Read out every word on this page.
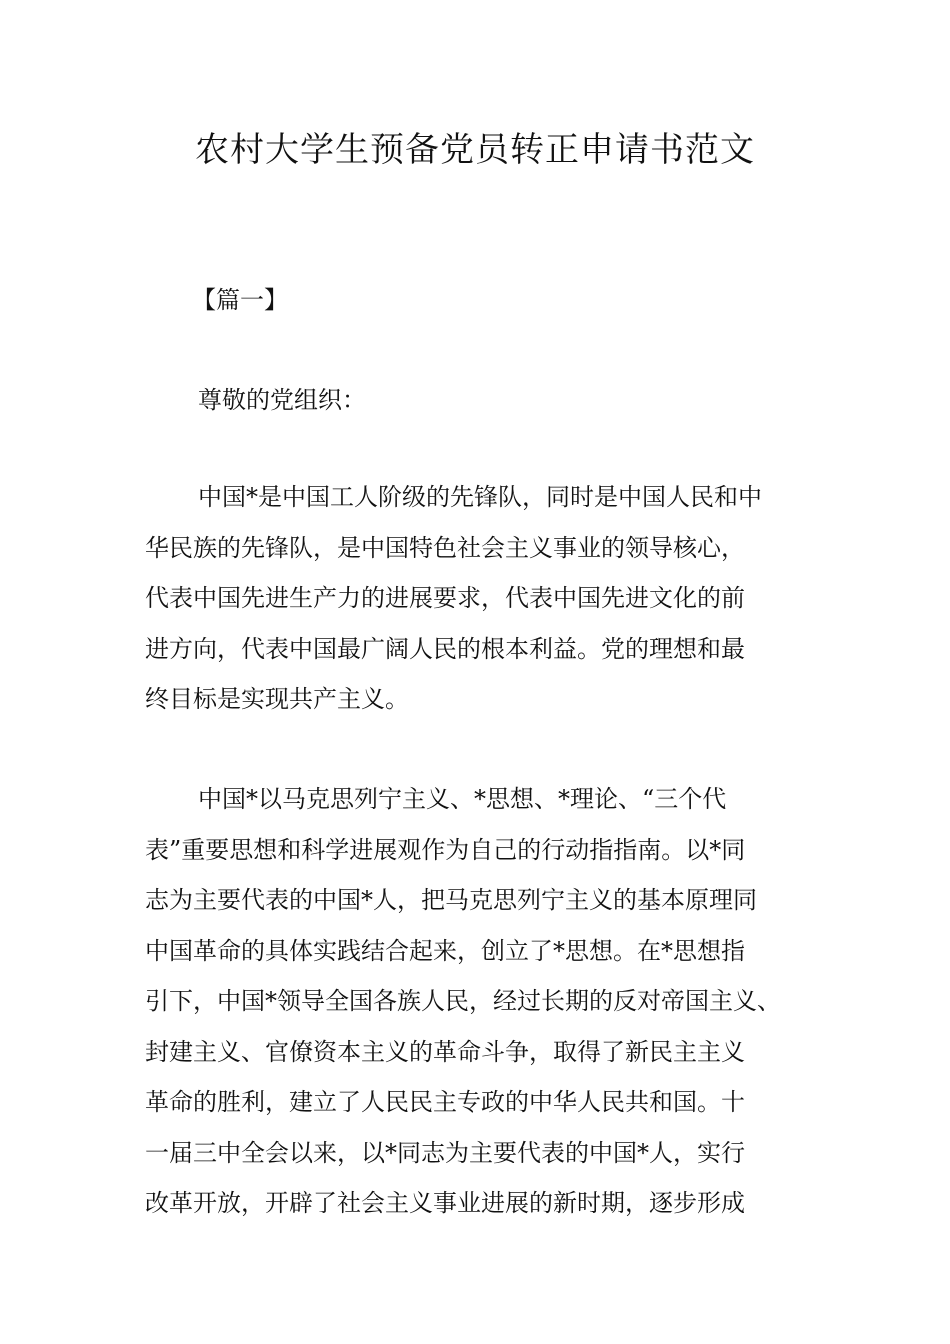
农村大学生预备党员转正申请书范文

【篇一】

尊敬的党组织：

中国*是中国工人阶级的先锋队，同时是中国人民和中
华民族的先锋队，是中国特色社会主义事业的领导核心，
代表中国先进生产力的进展要求，代表中国先进文化的前
进方向，代表中国最广阔人民的根本利益。党的理想和最
终目标是实现共产主义。

中国*以马克思列宁主义、*思想、*理论、“三个代
表”重要思想和科学进展观作为自己的行动指指南。以*同
志为主要代表的中国*人，把马克思列宁主义的基本原理同
中国革命的具体实践结合起来，创立了*思想。在*思想指
引下，中国*领导全国各族人民，经过长期的反对帝国主义、
封建主义、官僚资本主义的革命斗争，取得了新民主主义
革命的胜利，建立了人民民主专政的中华人民共和国。十
一届三中全会以来，以*同志为主要代表的中国*人，实行
改革开放，开辟了社会主义事业进展的新时期，逐步形成
